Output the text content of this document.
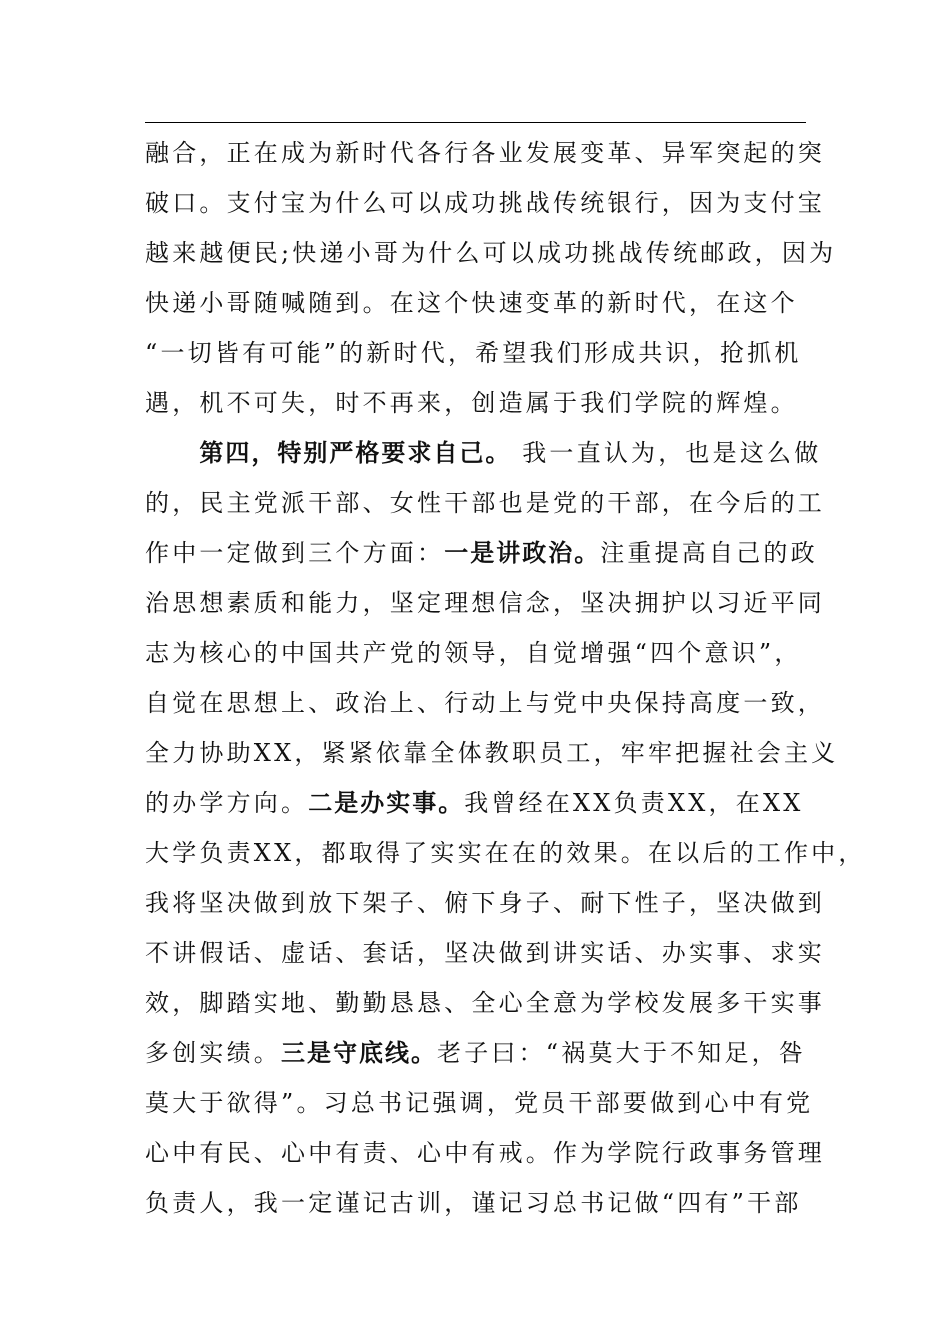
融合，正在成为新时代各行各业发展变革、异军突起的突
破口。支付宝为什么可以成功挑战传统银行，因为支付宝
越来越便民;快递小哥为什么可以成功挑战传统邮政，因为
快递小哥随喊随到。在这个快速变革的新时代，在这个
“一切皆有可能”的新时代，希望我们形成共识，抢抓机
遇，机不可失，时不再来，创造属于我们学院的辉煌。
　　第四，特别严格要求自己。 我一直认为，也是这么做
的，民主党派干部、女性干部也是党的干部，在今后的工
作中一定做到三个方面：一是讲政治。注重提高自己的政
治思想素质和能力，坚定理想信念，坚决拥护以习近平同
志为核心的中国共产党的领导，自觉增强“四个意识”，
自觉在思想上、政治上、行动上与党中央保持高度一致，
全力协助XX，紧紧依靠全体教职员工，牢牢把握社会主义
的办学方向。二是办实事。我曾经在XX负责XX，在XX
大学负责XX，都取得了实实在在的效果。在以后的工作中，
我将坚决做到放下架子、俯下身子、耐下性子，坚决做到
不讲假话、虚话、套话，坚决做到讲实话、办实事、求实
效，脚踏实地、勤勤恳恳、全心全意为学校发展多干实事
多创实绩。三是守底线。老子曰：“祸莫大于不知足，咎
莫大于欲得”。习总书记强调，党员干部要做到心中有党
心中有民、心中有责、心中有戒。作为学院行政事务管理
负责人，我一定谨记古训，谨记习总书记做“四有”干部
